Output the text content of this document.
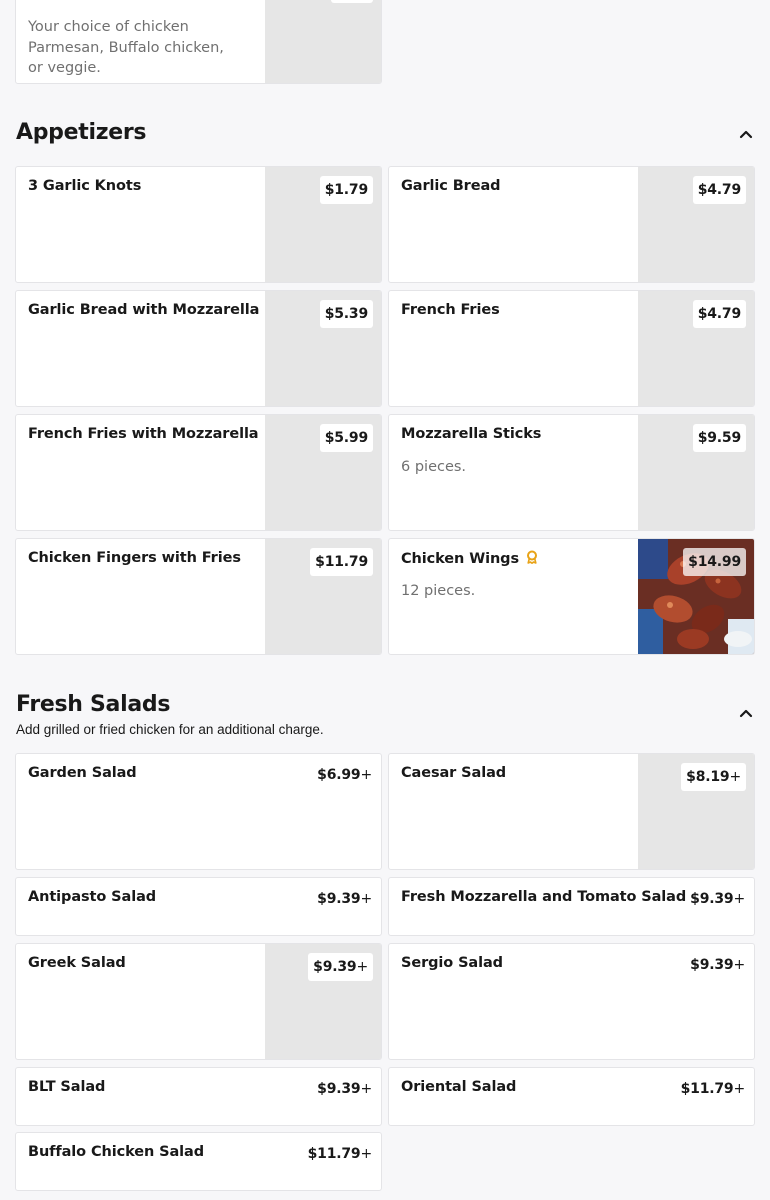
Your choice of chicken Parmesan, Buffalo chicken, or veggie.
Appetizers
3 Garlic Knots	$1.79	Garlic Bread	$4.79
Garlic Bread with Mozzarella	$5.39	French Fries	$4.79
French Fries with Mozzarella	$5.99	Mozzarella Sticks
6 pieces.
$9.59
Chicken Fingers with Fries	$11.79	Chicken Wings
12 pieces.
$14.99
Fresh Salads
Add grilled or fried chicken for an additional charge.
Garden Salad	$6.99+ Caesar Salad	$8.19+
Antipasto Salad	$9.39+ Fresh Mozzarella and Tomato Salad $9.39+
Greek Salad	$9.39+	Sergio Salad	$9.39+
BLT Salad	$9.39+ Oriental Salad	$11.79+
Buffalo Chicken Salad	$11.79+
